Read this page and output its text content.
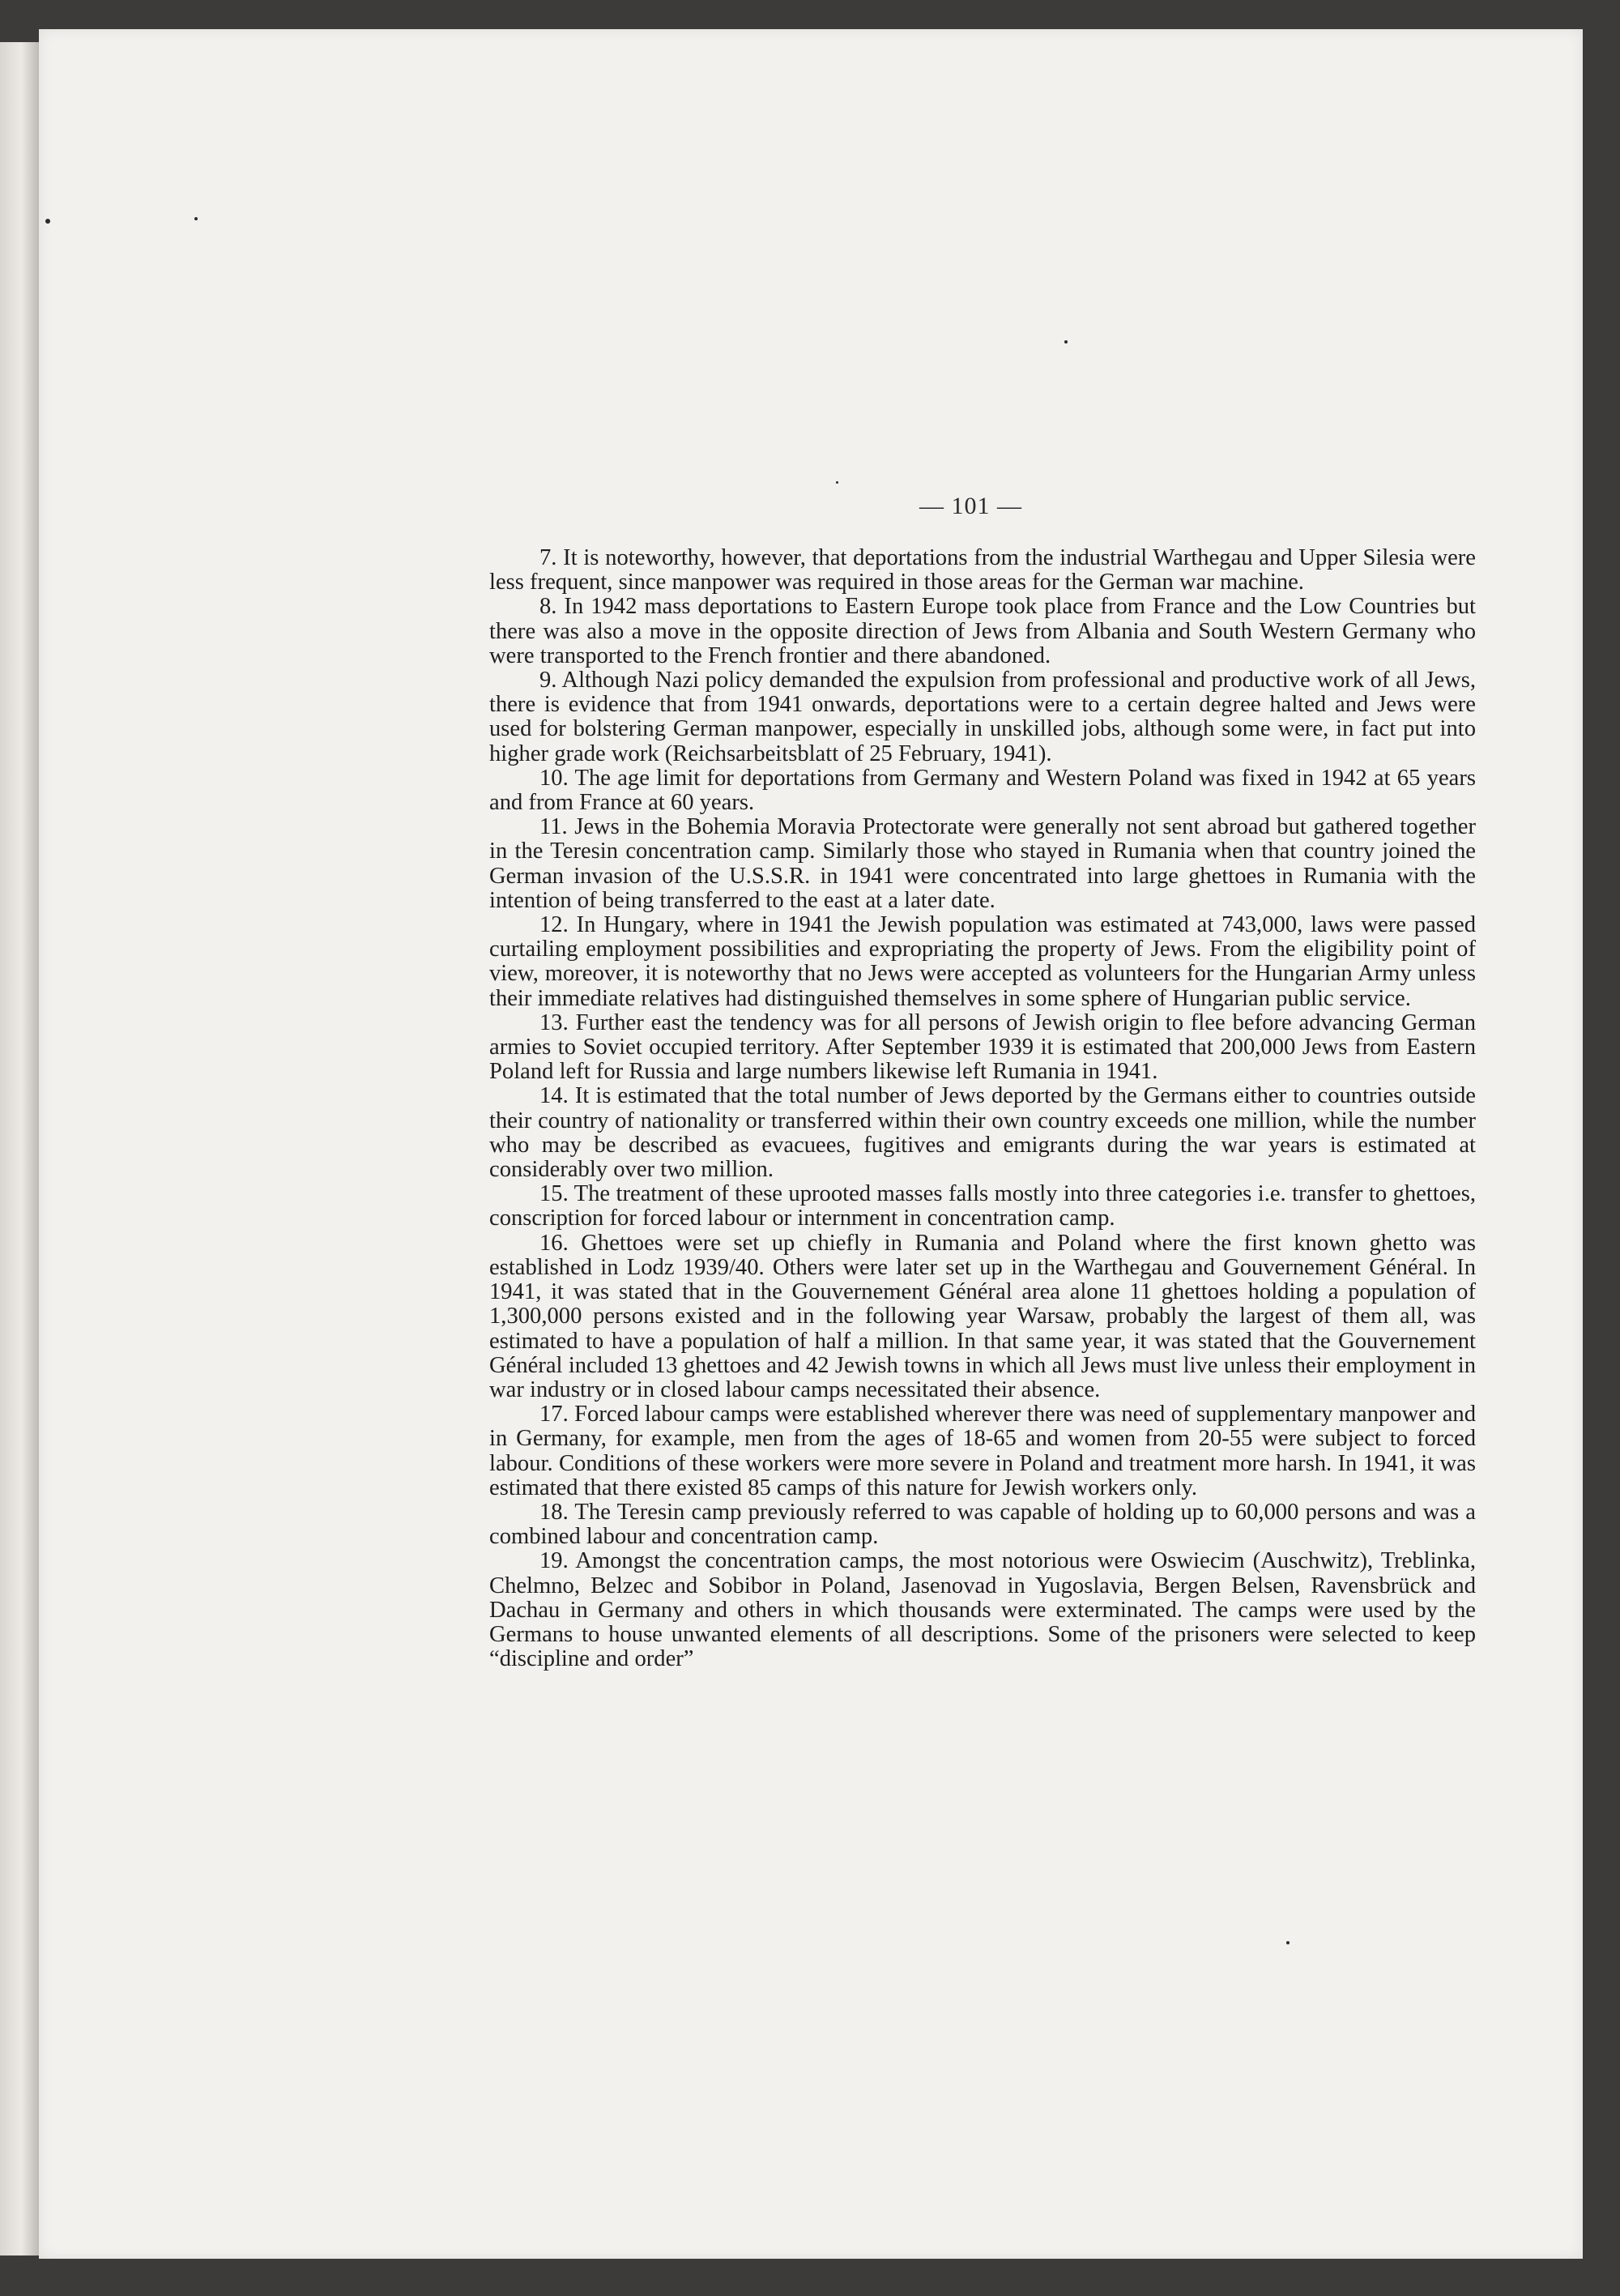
— 101 —

7. It is noteworthy, however, that deportations from the industrial Warthegau and Upper Silesia were less frequent, since manpower was required in those areas for the German war machine.

8. In 1942 mass deportations to Eastern Europe took place from France and the Low Countries but there was also a move in the opposite direction of Jews from Albania and South Western Germany who were transported to the French frontier and there abandoned.

9. Although Nazi policy demanded the expulsion from professional and productive work of all Jews, there is evidence that from 1941 onwards, deportations were to a certain degree halted and Jews were used for bolstering German manpower, especially in unskilled jobs, although some were, in fact put into higher grade work (Reichsarbeitsblatt of 25 February, 1941).

10. The age limit for deportations from Germany and Western Poland was fixed in 1942 at 65 years and from France at 60 years.

11. Jews in the Bohemia Moravia Protectorate were generally not sent abroad but gathered together in the Teresin concentration camp. Similarly those who stayed in Rumania when that country joined the German invasion of the U.S.S.R. in 1941 were concentrated into large ghettoes in Rumania with the intention of being transferred to the east at a later date.

12. In Hungary, where in 1941 the Jewish population was estimated at 743,000, laws were passed curtailing employment possibilities and expropriating the property of Jews. From the eligibility point of view, moreover, it is noteworthy that no Jews were accepted as volunteers for the Hungarian Army unless their immediate relatives had distinguished themselves in some sphere of Hungarian public service.

13. Further east the tendency was for all persons of Jewish origin to flee before advancing German armies to Soviet occupied territory. After September 1939 it is estimated that 200,000 Jews from Eastern Poland left for Russia and large numbers likewise left Rumania in 1941.

14. It is estimated that the total number of Jews deported by the Germans either to countries outside their country of nationality or transferred within their own country exceeds one million, while the number who may be described as evacuees, fugitives and emigrants during the war years is estimated at considerably over two million.

15. The treatment of these uprooted masses falls mostly into three categories i.e. transfer to ghettoes, conscription for forced labour or internment in concentration camp.

16. Ghettoes were set up chiefly in Rumania and Poland where the first known ghetto was established in Lodz 1939/40. Others were later set up in the Warthegau and Gouvernement Général. In 1941, it was stated that in the Gouvernement Général area alone 11 ghettoes holding a population of 1,300,000 persons existed and in the following year Warsaw, probably the largest of them all, was estimated to have a population of half a million. In that same year, it was stated that the Gouvernement Général included 13 ghettoes and 42 Jewish towns in which all Jews must live unless their employment in war industry or in closed labour camps necessitated their absence.

17. Forced labour camps were established wherever there was need of supplementary manpower and in Germany, for example, men from the ages of 18-65 and women from 20-55 were subject to forced labour. Conditions of these workers were more severe in Poland and treatment more harsh. In 1941, it was estimated that there existed 85 camps of this nature for Jewish workers only.

18. The Teresin camp previously referred to was capable of holding up to 60,000 persons and was a combined labour and concentration camp.

19. Amongst the concentration camps, the most notorious were Oswiecim (Auschwitz), Treblinka, Chelmno, Belzec and Sobibor in Poland, Jasenovad in Yugoslavia, Bergen Belsen, Ravensbrück and Dachau in Germany and others in which thousands were exterminated. The camps were used by the Germans to house unwanted elements of all descriptions. Some of the prisoners were selected to keep “discipline and order”
